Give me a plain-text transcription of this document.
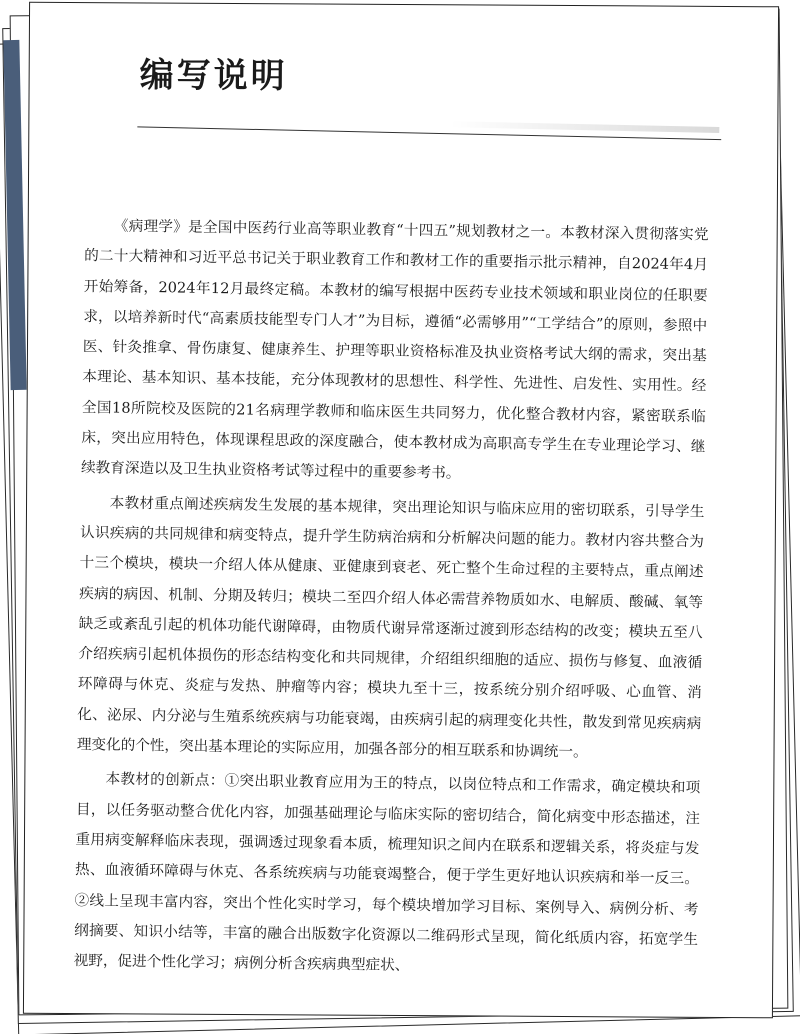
编写说明

《病理学》是全国中医药行业高等职业教育“十四五”规划教材之一。本教材深入贯彻落实党的二十大精神和习近平总书记关于职业教育工作和教材工作的重要指示批示精神，自2024年4月开始筹备，2024年12月最终定稿。本教材的编写根据中医药专业技术领域和职业岗位的任职要求，以培养新时代“高素质技能型专门人才”为目标，遵循“必需够用”“工学结合”的原则，参照中医、针灸推拿、骨伤康复、健康养生、护理等职业资格标准及执业资格考试大纲的需求，突出基本理论、基本知识、基本技能，充分体现教材的思想性、科学性、先进性、启发性、实用性。经全国18所院校及医院的21名病理学教师和临床医生共同努力，优化整合教材内容，紧密联系临床，突出应用特色，体现课程思政的深度融合，使本教材成为高职高专学生在专业理论学习、继续教育深造以及卫生执业资格考试等过程中的重要参考书。

本教材重点阐述疾病发生发展的基本规律，突出理论知识与临床应用的密切联系，引导学生认识疾病的共同规律和病变特点，提升学生防病治病和分析解决问题的能力。教材内容共整合为十三个模块，模块一介绍人体从健康、亚健康到衰老、死亡整个生命过程的主要特点，重点阐述疾病的病因、机制、分期及转归；模块二至四介绍人体必需营养物质如水、电解质、酸碱、氧等缺乏或紊乱引起的机体功能代谢障碍，由物质代谢异常逐渐过渡到形态结构的改变；模块五至八介绍疾病引起机体损伤的形态结构变化和共同规律，介绍组织细胞的适应、损伤与修复、血液循环障碍与休克、炎症与发热、肿瘤等内容；模块九至十三，按系统分别介绍呼吸、心血管、消化、泌尿、内分泌与生殖系统疾病与功能衰竭，由疾病引起的病理变化共性，散发到常见疾病病理变化的个性，突出基本理论的实际应用，加强各部分的相互联系和协调统一。

本教材的创新点：①突出职业教育应用为王的特点，以岗位特点和工作需求，确定模块和项目，以任务驱动整合优化内容，加强基础理论与临床实际的密切结合，简化病变中形态描述，注重用病变解释临床表现，强调透过现象看本质，梳理知识之间内在联系和逻辑关系，将炎症与发热、血液循环障碍与休克、各系统疾病与功能衰竭整合，便于学生更好地认识疾病和举一反三。②线上呈现丰富内容，突出个性化实时学习，每个模块增加学习目标、案例导入、病例分析、考纲摘要、知识小结等，丰富的融合出版数字化资源以二维码形式呈现，简化纸质内容，拓宽学生视野，促进个性化学习；病例分析含疾病典型症状、
